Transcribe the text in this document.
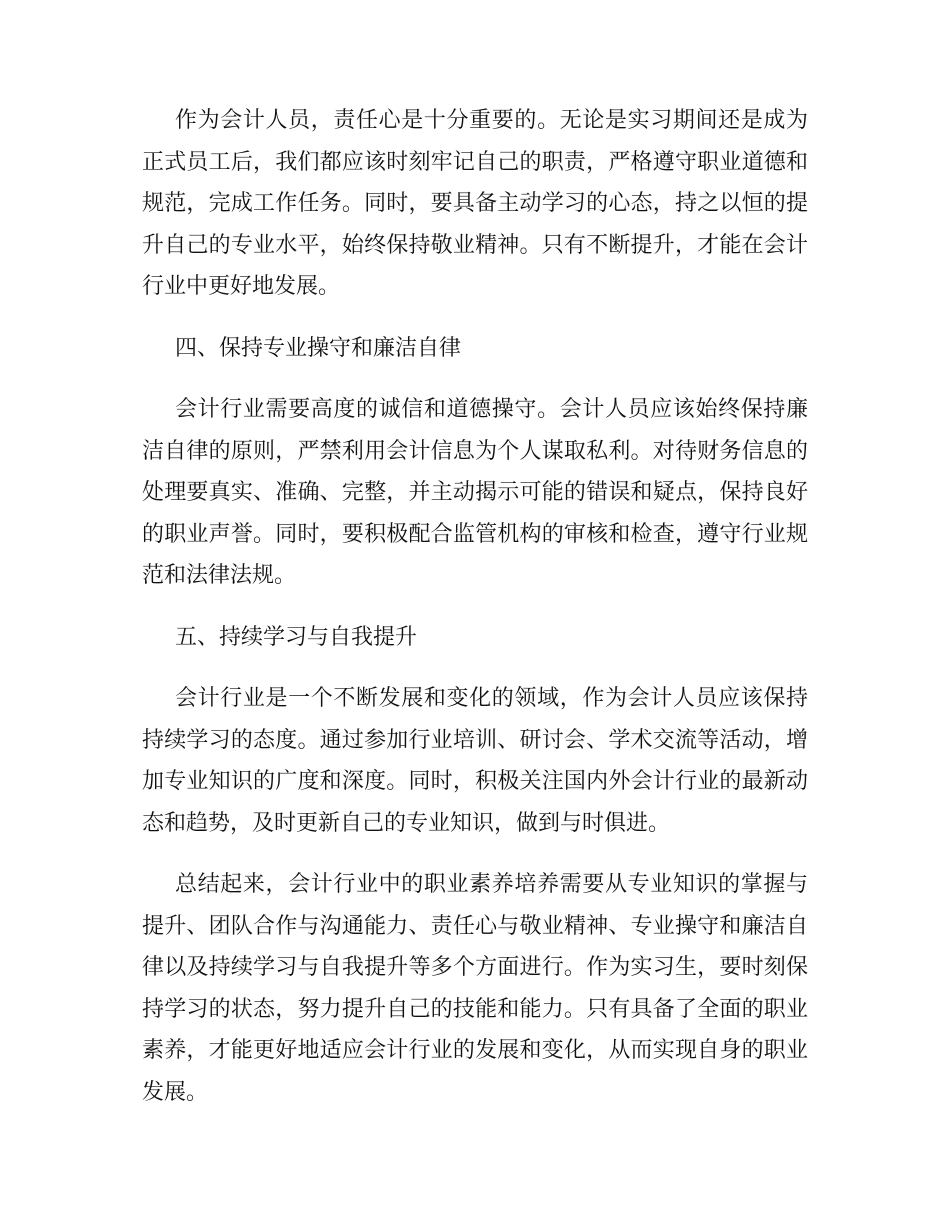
作为会计人员，责任心是十分重要的。无论是实习期间还是成为正式员工后，我们都应该时刻牢记自己的职责，严格遵守职业道德和规范，完成工作任务。同时，要具备主动学习的心态，持之以恒的提升自己的专业水平，始终保持敬业精神。只有不断提升，才能在会计行业中更好地发展。

四、保持专业操守和廉洁自律

会计行业需要高度的诚信和道德操守。会计人员应该始终保持廉洁自律的原则，严禁利用会计信息为个人谋取私利。对待财务信息的处理要真实、准确、完整，并主动揭示可能的错误和疑点，保持良好的职业声誉。同时，要积极配合监管机构的审核和检查，遵守行业规范和法律法规。

五、持续学习与自我提升

会计行业是一个不断发展和变化的领域，作为会计人员应该保持持续学习的态度。通过参加行业培训、研讨会、学术交流等活动，增加专业知识的广度和深度。同时，积极关注国内外会计行业的最新动态和趋势，及时更新自己的专业知识，做到与时俱进。

总结起来，会计行业中的职业素养培养需要从专业知识的掌握与提升、团队合作与沟通能力、责任心与敬业精神、专业操守和廉洁自律以及持续学习与自我提升等多个方面进行。作为实习生，要时刻保持学习的状态，努力提升自己的技能和能力。只有具备了全面的职业素养，才能更好地适应会计行业的发展和变化，从而实现自身的职业发展。
